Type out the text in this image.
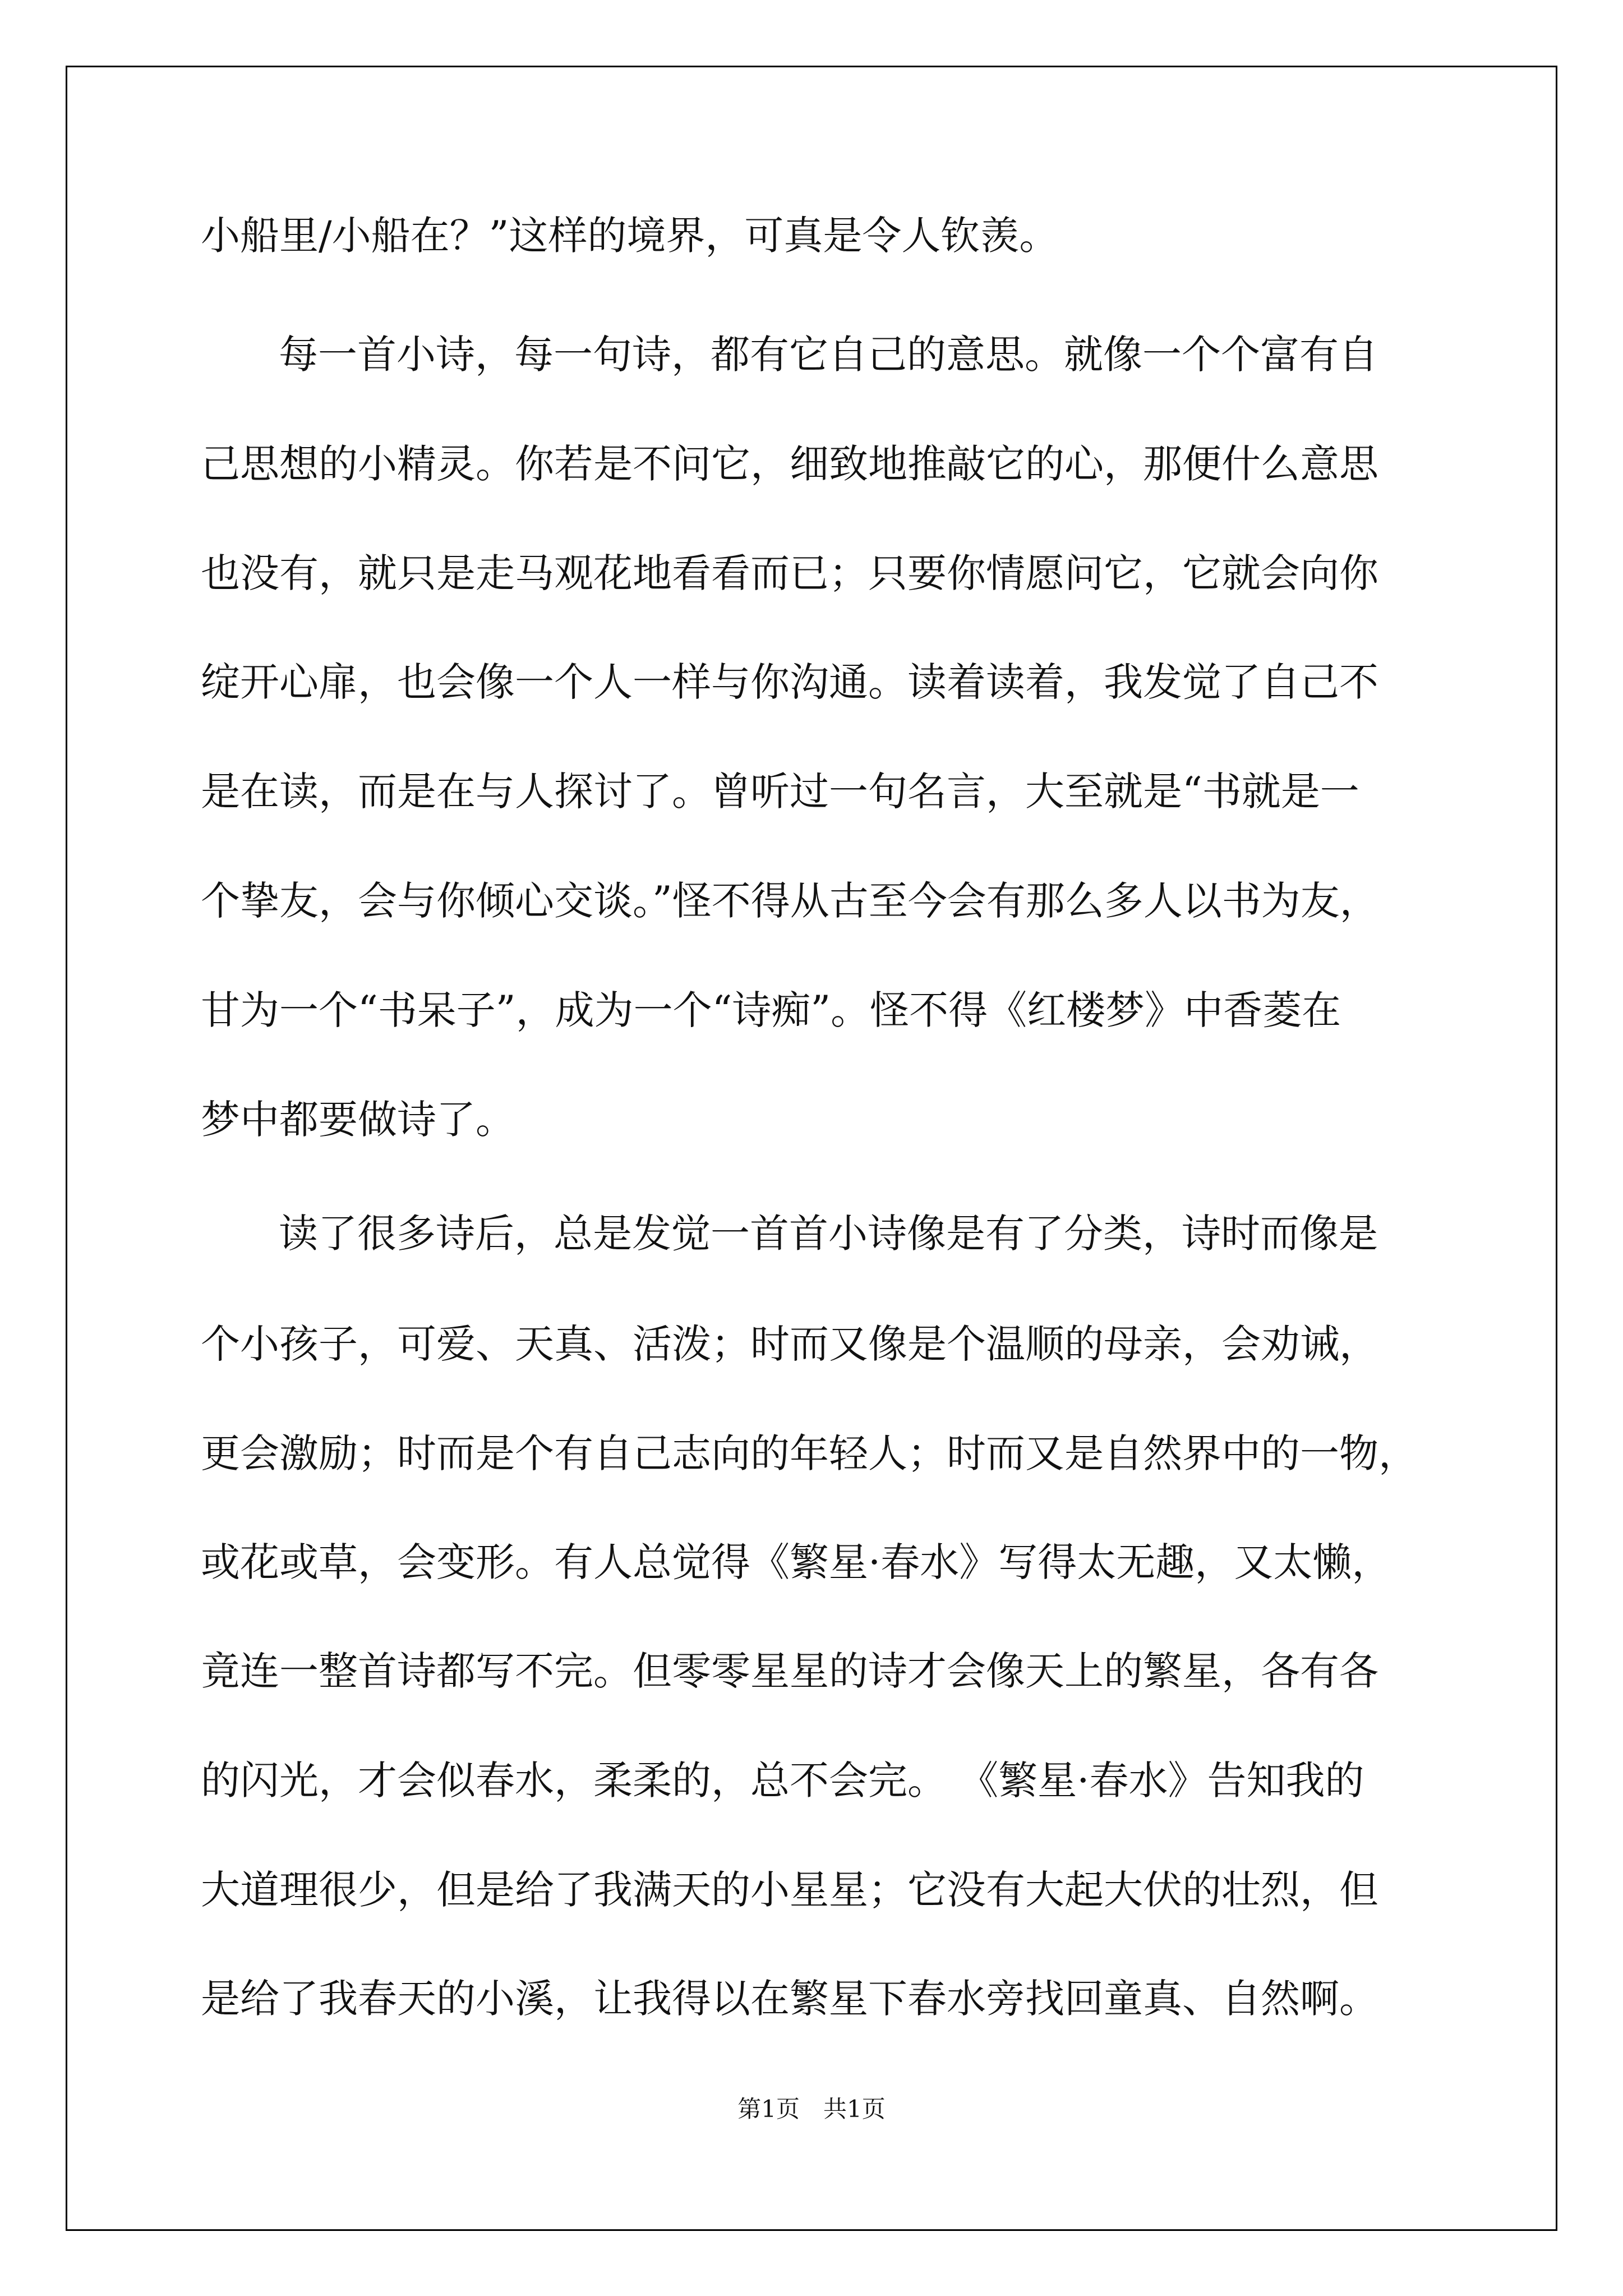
小船里/小船在？”这样的境界，可真是令人钦羡。

每一首小诗，每一句诗，都有它自己的意思。就像一个个富有自

己思想的小精灵。你若是不问它，细致地推敲它的心，那便什么意思

也没有，就只是走马观花地看看而已；只要你情愿问它，它就会向你

绽开心扉，也会像一个人一样与你沟通。读着读着，我发觉了自己不

是在读，而是在与人探讨了。曾听过一句名言，大至就是“书就是一

个挚友，会与你倾心交谈。”怪不得从古至今会有那么多人以书为友，

甘为一个“书呆子”，成为一个“诗痴”。怪不得《红楼梦》中香菱在

梦中都要做诗了。

读了很多诗后，总是发觉一首首小诗像是有了分类，诗时而像是

个小孩子，可爱、天真、活泼；时而又像是个温顺的母亲，会劝诫，

更会激励；时而是个有自己志向的年轻人；时而又是自然界中的一物，

或花或草，会变形。有人总觉得《繁星·春水》写得太无趣，又太懒，

竟连一整首诗都写不完。但零零星星的诗才会像天上的繁星，各有各

的闪光，才会似春水，柔柔的，总不会完。 《繁星·春水》告知我的

大道理很少，但是给了我满天的小星星；它没有大起大伏的壮烈，但

是给了我春天的小溪，让我得以在繁星下春水旁找回童真、自然啊。

第1页　共1页
